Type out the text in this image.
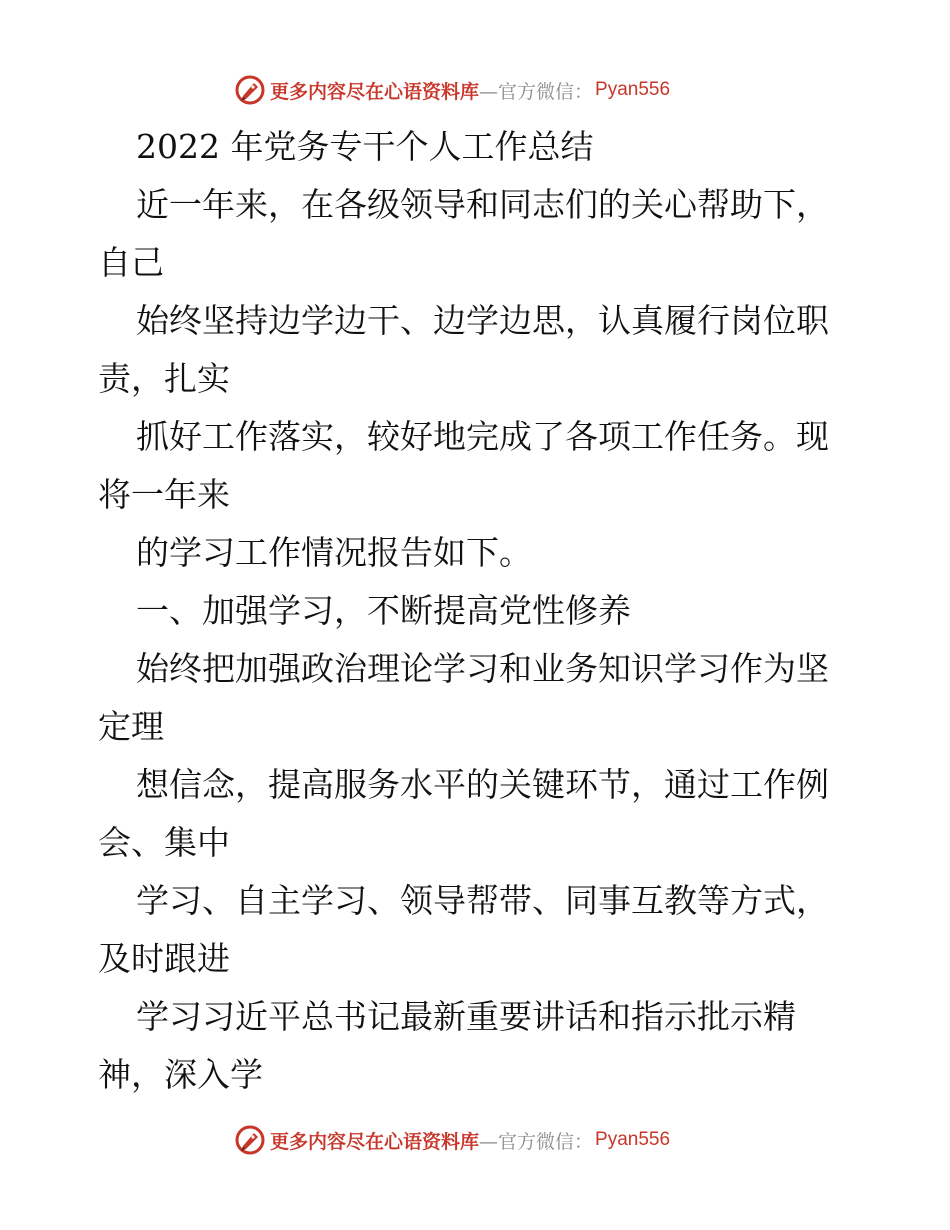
更多内容尽在心语资料库 —官方微信： Pyan556
2022 年党务专干个人工作总结
近一年来，在各级领导和同志们的关心帮助下，
自己
始终坚持边学边干、边学边思，认真履行岗位职
责，扎实
抓好工作落实，较好地完成了各项工作任务。现
将一年来
的学习工作情况报告如下。
一、加强学习，不断提高党性修养
始终把加强政治理论学习和业务知识学习作为坚
定理
想信念，提高服务水平的关键环节，通过工作例
会、集中
学习、自主学习、领导帮带、同事互教等方式，
及时跟进
学习习近平总书记最新重要讲话和指示批示精
神，深入学
更多内容尽在心语资料库 —官方微信： Pyan556
